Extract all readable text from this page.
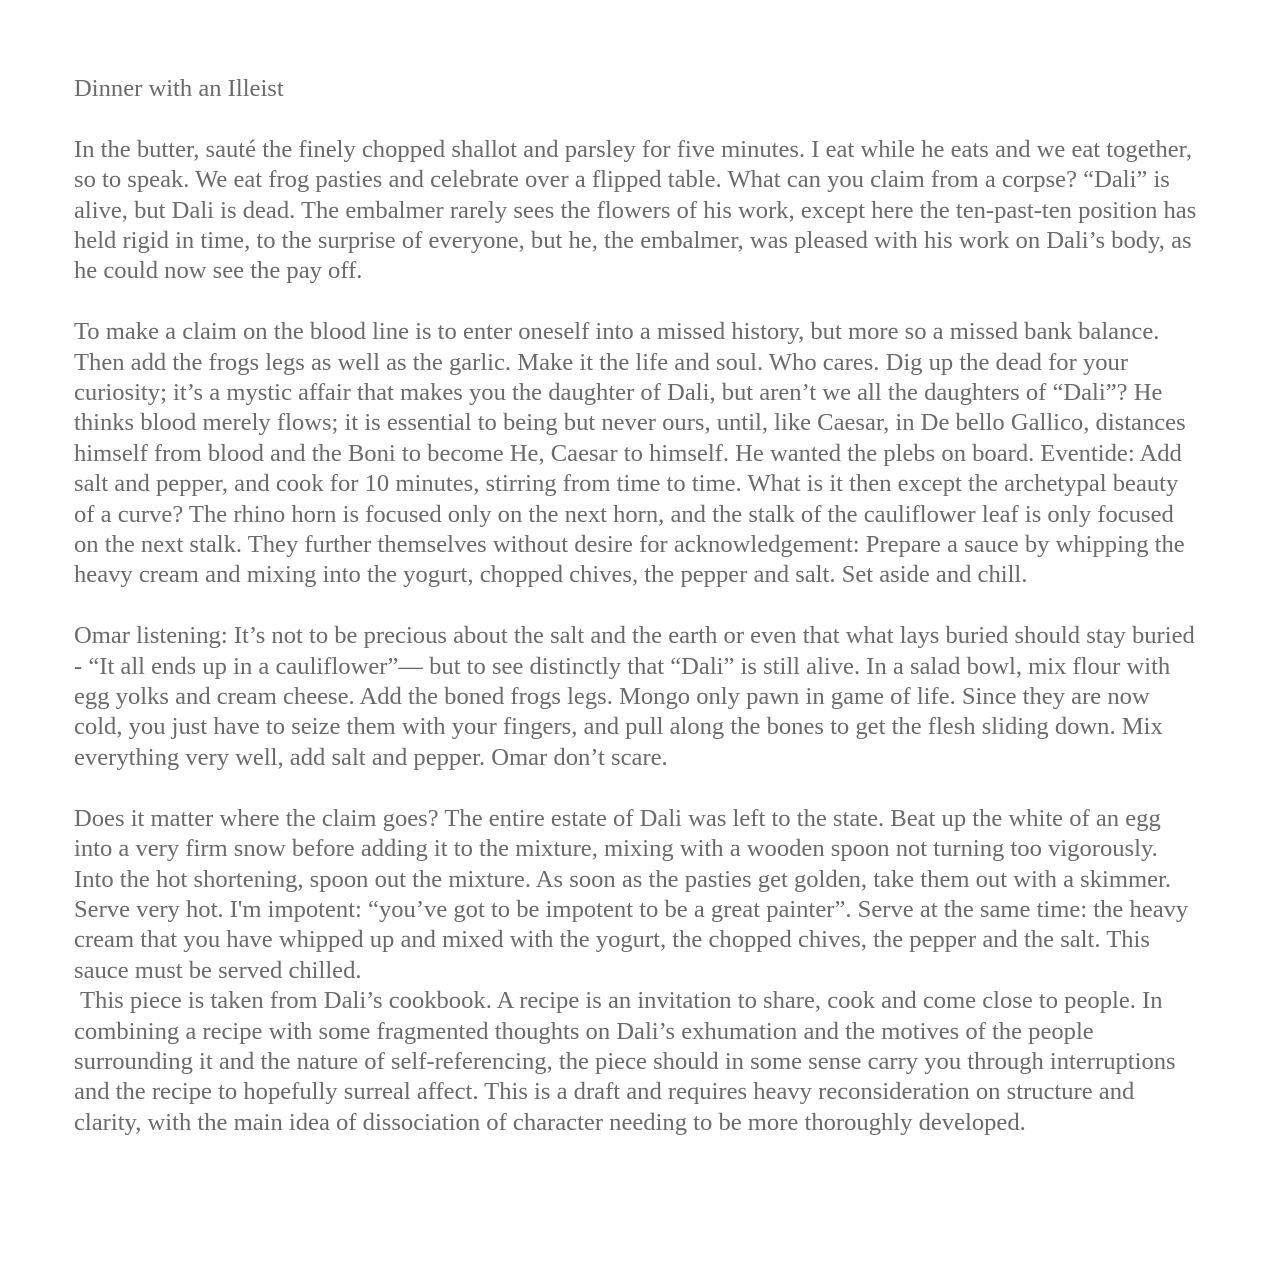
Dinner with an Illeist

In the butter, sauté the finely chopped shallot and parsley for five minutes. I eat while he eats and we eat together, so to speak. We eat frog pasties and celebrate over a flipped table. What can you claim from a corpse? “Dali” is alive, but Dali is dead. The embalmer rarely sees the flowers of his work, except here the ten-past-ten position has held rigid in time, to the surprise of everyone, but he, the embalmer, was pleased with his work on Dali’s body, as he could now see the pay off.

To make a claim on the blood line is to enter oneself into a missed history, but more so a missed bank balance. Then add the frogs legs as well as the garlic. Make it the life and soul. Who cares. Dig up the dead for your curiosity; it’s a mystic affair that makes you the daughter of Dali, but aren’t we all the daughters of “Dali”? He thinks blood merely flows; it is essential to being but never ours, until, like Caesar, in De bello Gallico, distances himself from blood and the Boni to become He, Caesar to himself. He wanted the plebs on board. Eventide: Add salt and pepper, and cook for 10 minutes, stirring from time to time. What is it then except the archetypal beauty of a curve? The rhino horn is focused only on the next horn, and the stalk of the cauliflower leaf is only focused on the next stalk. They further themselves without desire for acknowledgement: Prepare a sauce by whipping the heavy cream and mixing into the yogurt, chopped chives, the pepper and salt. Set aside and chill.

Omar listening: It’s not to be precious about the salt and the earth or even that what lays buried should stay buried - “It all ends up in a cauliflower”— but to see distinctly that “Dali” is still alive. In a salad bowl, mix flour with egg yolks and cream cheese. Add the boned frogs legs. Mongo only pawn in game of life. Since they are now cold, you just have to seize them with your fingers, and pull along the bones to get the flesh sliding down. Mix everything very well, add salt and pepper. Omar don’t scare.

Does it matter where the claim goes? The entire estate of Dali was left to the state. Beat up the white of an egg into a very firm snow before adding it to the mixture, mixing with a wooden spoon not turning too vigorously. Into the hot shortening, spoon out the mixture. As soon as the pasties get golden, take them out with a skimmer. Serve very hot. I'm impotent: “you’ve got to be impotent to be a great painter”. Serve at the same time: the heavy cream that you have whipped up and mixed with the yogurt, the chopped chives, the pepper and the salt. This sauce must be served chilled.

This piece is taken from Dali’s cookbook. A recipe is an invitation to share, cook and come close to people. In combining a recipe with some fragmented thoughts on Dali’s exhumation and the motives of the people surrounding it and the nature of self-referencing, the piece should in some sense carry you through interruptions and the recipe to hopefully surreal affect. This is a draft and requires heavy reconsideration on structure and clarity, with the main idea of dissociation of character needing to be more thoroughly developed.
